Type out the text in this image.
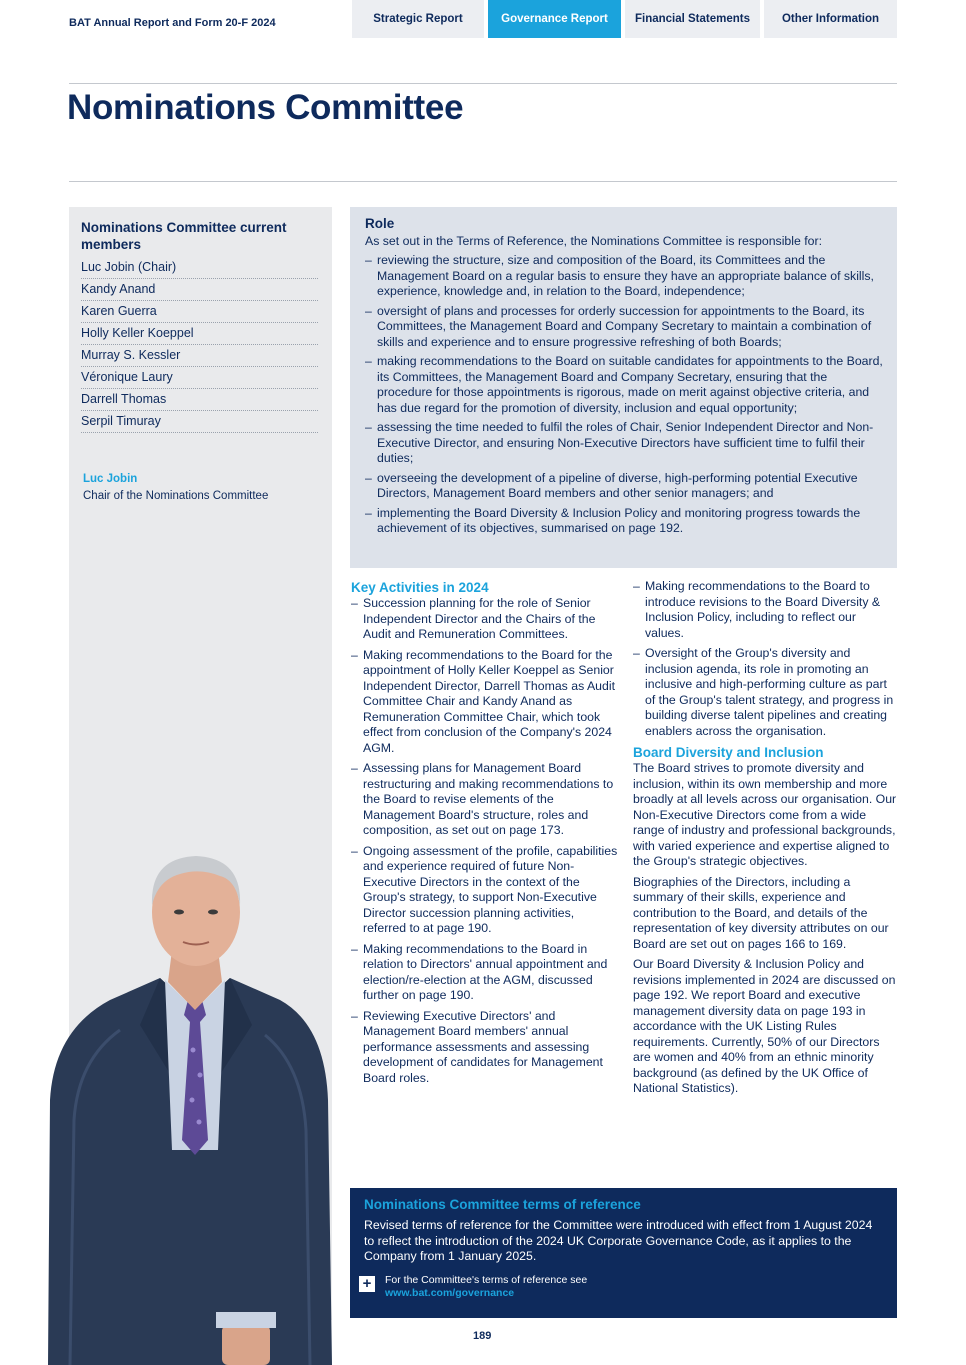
BAT Annual Report and Form 20-F 2024	Strategic Report	Governance Report	Financial Statements	Other Information
Nominations Committee
Nominations Committee current members
Luc Jobin (Chair)
Kandy Anand
Karen Guerra
Holly Keller Koeppel
Murray S. Kessler
Véronique Laury
Darrell Thomas
Serpil Timuray
Luc Jobin
Chair of the Nominations Committee
Role
As set out in the Terms of Reference, the Nominations Committee is responsible for:
– reviewing the structure, size and composition of the Board, its Committees and the Management Board on a regular basis to ensure they have an appropriate balance of skills, experience, knowledge and, in relation to the Board, independence;
– oversight of plans and processes for orderly succession for appointments to the Board, its Committees, the Management Board and Company Secretary to maintain a combination of skills and experience and to ensure progressive refreshing of both Boards;
– making recommendations to the Board on suitable candidates for appointments to the Board, its Committees, the Management Board and Company Secretary, ensuring that the procedure for those appointments is rigorous, made on merit against objective criteria, and has due regard for the promotion of diversity, inclusion and equal opportunity;
– assessing the time needed to fulfil the roles of Chair, Senior Independent Director and Non-Executive Director, and ensuring Non-Executive Directors have sufficient time to fulfil their duties;
– overseeing the development of a pipeline of diverse, high-performing potential Executive Directors, Management Board members and other senior managers; and
– implementing the Board Diversity & Inclusion Policy and monitoring progress towards the achievement of its objectives, summarised on page 192.
Key Activities in 2024
– Succession planning for the role of Senior Independent Director and the Chairs of the Audit and Remuneration Committees.
– Making recommendations to the Board for the appointment of Holly Keller Koeppel as Senior Independent Director, Darrell Thomas as Audit Committee Chair and Kandy Anand as Remuneration Committee Chair, which took effect from conclusion of the Company's 2024 AGM.
– Assessing plans for Management Board restructuring and making recommendations to the Board to revise elements of the Management Board's structure, roles and composition, as set out on page 173.
– Ongoing assessment of the profile, capabilities and experience required of future Non-Executive Directors in the context of the Group's strategy, to support Non-Executive Director succession planning activities, referred to at page 190.
– Making recommendations to the Board in relation to Directors' annual appointment and election/re-election at the AGM, discussed further on page 190.
– Reviewing Executive Directors' and Management Board members' annual performance assessments and assessing development of candidates for Management Board roles.
– Making recommendations to the Board to introduce revisions to the Board Diversity & Inclusion Policy, including to reflect our values.
– Oversight of the Group's diversity and inclusion agenda, its role in promoting an inclusive and high-performing culture as part of the Group's talent strategy, and progress in building diverse talent pipelines and creating enablers across the organisation.
Board Diversity and Inclusion

The Board strives to promote diversity and inclusion, within its own membership and more broadly at all levels across our organisation. Our Non-Executive Directors come from a wide range of industry and professional backgrounds, with varied experience and expertise aligned to the Group's strategic objectives.

Biographies of the Directors, including a summary of their skills, experience and contribution to the Board, and details of the representation of key diversity attributes on our Board are set out on pages 166 to 169.

Our Board Diversity & Inclusion Policy and revisions implemented in 2024 are discussed on page 192. We report Board and executive management diversity data on page 193 in accordance with the UK Listing Rules requirements. Currently, 50% of our Directors are women and 40% from an ethnic minority background (as defined by the UK Office of National Statistics).

Nominations Committee terms of reference
Revised terms of reference for the Committee were introduced with effect from 1 August 2024 to reflect the introduction of the 2024 UK Corporate Governance Code, as it applies to the Company from 1 January 2025.
+	For the Committee's terms of reference see
www.bat.com/governance
189
